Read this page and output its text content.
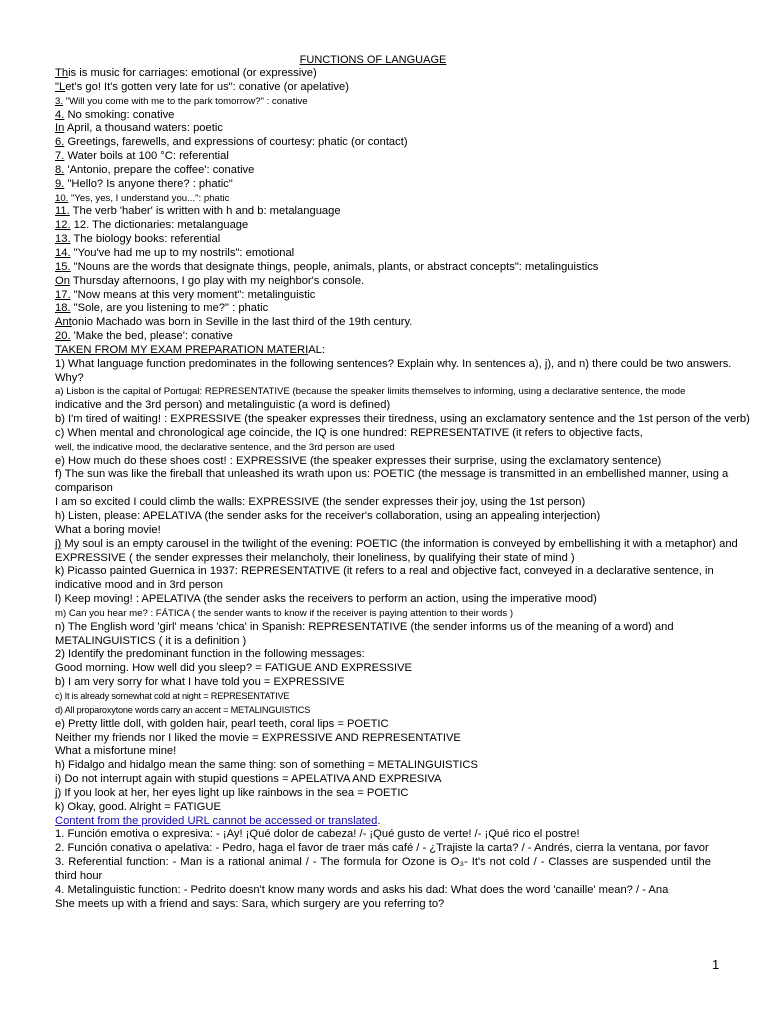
FUNCTIONS OF LANGUAGE
This is music for carriages: emotional (or expressive)
"Let's go! It's gotten very late for us": conative (or apelative)
3. "Will you come with me to the park tomorrow?" : conative
4. No smoking: conative
In April, a thousand waters: poetic
6. Greetings, farewells, and expressions of courtesy: phatic (or contact)
7. Water boils at 100 °C: referential
8. 'Antonio, prepare the coffee': conative
9. "Hello? Is anyone there? : phatic"
10. "Yes, yes, I understand you...": phatic
11. The verb 'haber' is written with h and b: metalanguage
12. 12. The dictionaries: metalanguage
13. The biology books: referential
14. "You've had me up to my nostrils": emotional
15. "Nouns are the words that designate things, people, animals, plants, or abstract concepts": metalinguistics
On Thursday afternoons, I go play with my neighbor's console.
17. "Now means at this very moment": metalinguistic
18. "Sole, are you listening to me?" : phatic
Antonio Machado was born in Seville in the last third of the 19th century.
20. 'Make the bed, please': conative
TAKEN FROM MY EXAM PREPARATION MATERIAL:
1) What language function predominates in the following sentences? Explain why. In sentences a), j), and n) there could be two answers.
Why?
a) Lisbon is the capital of Portugal: REPRESENTATIVE (because the speaker limits themselves to informing, using a declarative sentence, the mode
indicative and the 3rd person) and metalinguistic (a word is defined)
b) I'm tired of waiting! : EXPRESSIVE (the speaker expresses their tiredness, using an exclamatory sentence and the 1st person of the verb)
c) When mental and chronological age coincide, the IQ is one hundred: REPRESENTATIVE (it refers to objective facts,
well, the indicative mood, the declarative sentence, and the 3rd person are used
e) How much do these shoes cost! : EXPRESSIVE (the speaker expresses their surprise, using the exclamatory sentence)
f) The sun was like the fireball that unleashed its wrath upon us: POETIC (the message is transmitted in an embellished manner, using a
comparison
I am so excited I could climb the walls: EXPRESSIVE (the sender expresses their joy, using the 1st person)
h) Listen, please: APELATIVA (the sender asks for the receiver's collaboration, using an appealing interjection)
What a boring movie!
j) My soul is an empty carousel in the twilight of the evening: POETIC (the information is conveyed by embellishing it with a metaphor) and
EXPRESSIVE ( the sender expresses their melancholy, their loneliness, by qualifying their state of mind )
k) Picasso painted Guernica in 1937: REPRESENTATIVE (it refers to a real and objective fact, conveyed in a declarative sentence, in
indicative mood and in 3rd person
l) Keep moving! : APELATIVA (the sender asks the receivers to perform an action, using the imperative mood)
m) Can you hear me? : FÁTICA ( the sender wants to know if the receiver is paying attention to their words )
n) The English word 'girl' means 'chica' in Spanish: REPRESENTATIVE (the sender informs us of the meaning of a word) and
METALINGUISTICS ( it is a definition )
2) Identify the predominant function in the following messages:
Good morning. How well did you sleep? = FATIGUE AND EXPRESSIVE
b) I am very sorry for what I have told you = EXPRESSIVE
c) It is already somewhat cold at night = REPRESENTATIVE
d) All proparoxytone words carry an accent = METALINGUISTICS
e) Pretty little doll, with golden hair, pearl teeth, coral lips = POETIC
Neither my friends nor I liked the movie = EXPRESSIVE AND REPRESENTATIVE
What a misfortune mine!
h) Fidalgo and hidalgo mean the same thing: son of something = METALINGUISTICS
i) Do not interrupt again with stupid questions = APELATIVA AND EXPRESIVA
j) If you look at her, her eyes light up like rainbows in the sea = POETIC
k) Okay, good. Alright = FATIGUE
Content from the provided URL cannot be accessed or translated.
1. Función emotiva o expresiva: - ¡Ay! ¡Qué dolor de cabeza! /- ¡Qué gusto de verte! /- ¡Qué rico el postre!
2. Función conativa o apelativa: - Pedro, haga el favor de traer más café / - ¿Trajiste la carta? / - Andrés, cierra la ventana, por favor
3. Referential function: - Man is a rational animal / - The formula for Ozone is O₃- It's not cold / - Classes are suspended until the third hour
4. Metalinguistic function: - Pedrito doesn't know many words and asks his dad: What does the word 'canaille' mean? / - Ana
She meets up with a friend and says: Sara, which surgery are you referring to?
1
